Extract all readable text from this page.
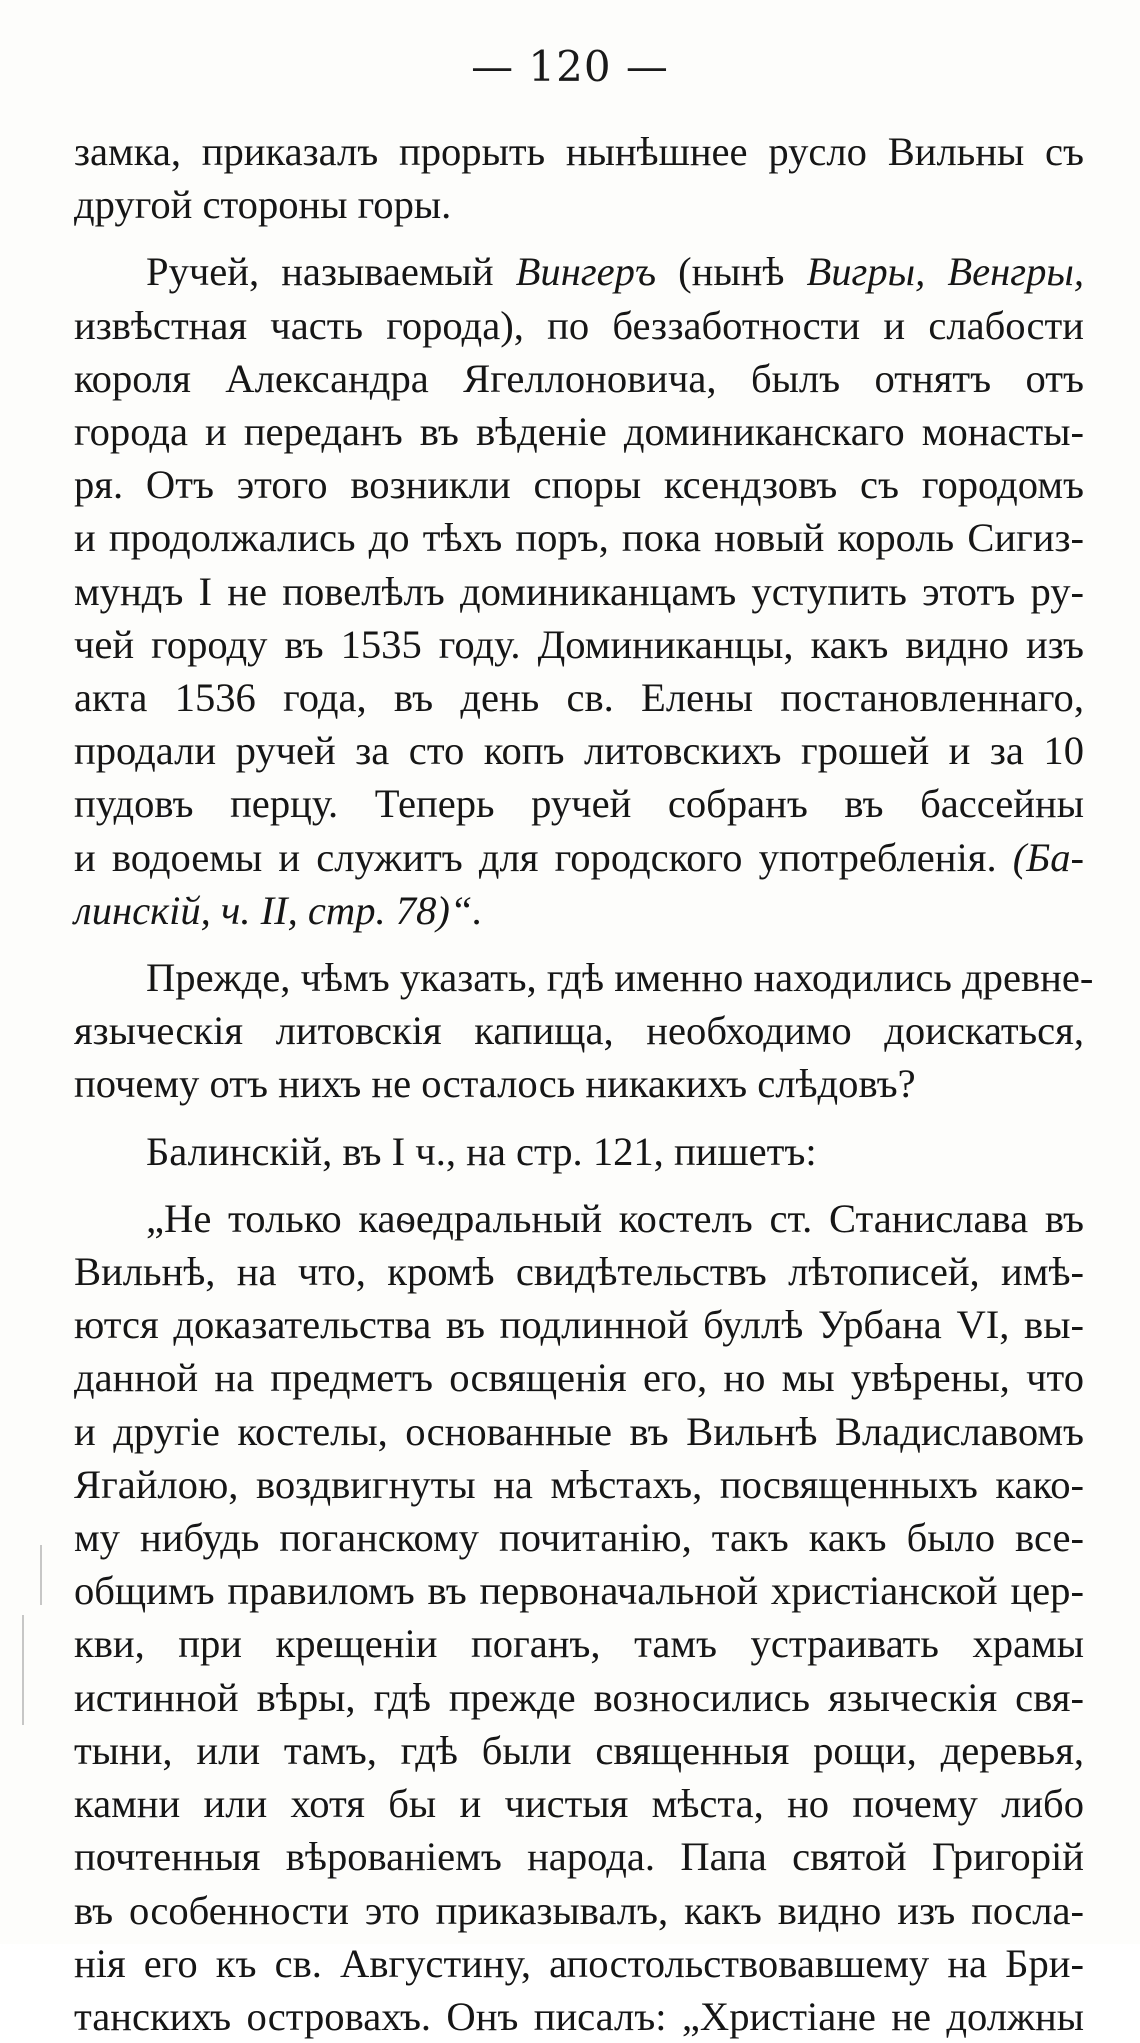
— 120 —
замка, приказалъ прорыть нынѣшнее русло Вильны съ
другой стороны горы.
Ручей, называемый Вингеръ (нынѣ Вигры, Венгры,
извѣстная часть города), по беззаботности и слабости
короля Александра Ягеллоновича, былъ отнятъ отъ
города и переданъ въ вѣденіе доминиканскаго монасты-
ря. Отъ этого возникли споры ксендзовъ съ городомъ
и продолжались до тѣхъ поръ, пока новый король Сигиз-
мундъ I не повелѣлъ доминиканцамъ уступить этотъ ру-
чей городу въ 1535 году. Доминиканцы, какъ видно изъ
акта 1536 года, въ день св. Елены постановленнаго,
продали ручей за сто копъ литовскихъ грошей и за 10
пудовъ перцу. Теперь ручей собранъ въ бассейны
и водоемы и служитъ для городского употребленія. (Ба-
линскій, ч. II, стр. 78)“.
Прежде, чѣмъ указать, гдѣ именно находились древне-
языческія литовскія капища, необходимо доискаться,
почему отъ нихъ не осталось никакихъ слѣдовъ?
Балинскій, въ I ч., на стр. 121, пишетъ:
„Не только каѳедральный костелъ ст. Станислава въ
Вильнѣ, на что, кромѣ свидѣтельствъ лѣтописей, имѣ-
ются доказательства въ подлинной буллѣ Урбана VI, вы-
данной на предметъ освященія его, но мы увѣрены, что
и другіе костелы, основанные въ Вильнѣ Владиславомъ
Ягайлою, воздвигнуты на мѣстахъ, посвященныхъ како-
му нибудь поганскому почитанію, такъ какъ было все-
общимъ правиломъ въ первоначальной христіанской цер-
кви, при крещеніи поганъ, тамъ устраивать храмы
истинной вѣры, гдѣ прежде возносились языческія свя-
тыни, или тамъ, гдѣ были священныя рощи, деревья,
камни или хотя бы и чистыя мѣста, но почему либо
почтенныя вѣрованіемъ народа. Папа святой Григорій
въ особенности это приказывалъ, какъ видно изъ посла-
нія его къ св. Августину, апостольствовавшему на Бри-
танскихъ островахъ. Онъ писалъ: „Христіане не должны
